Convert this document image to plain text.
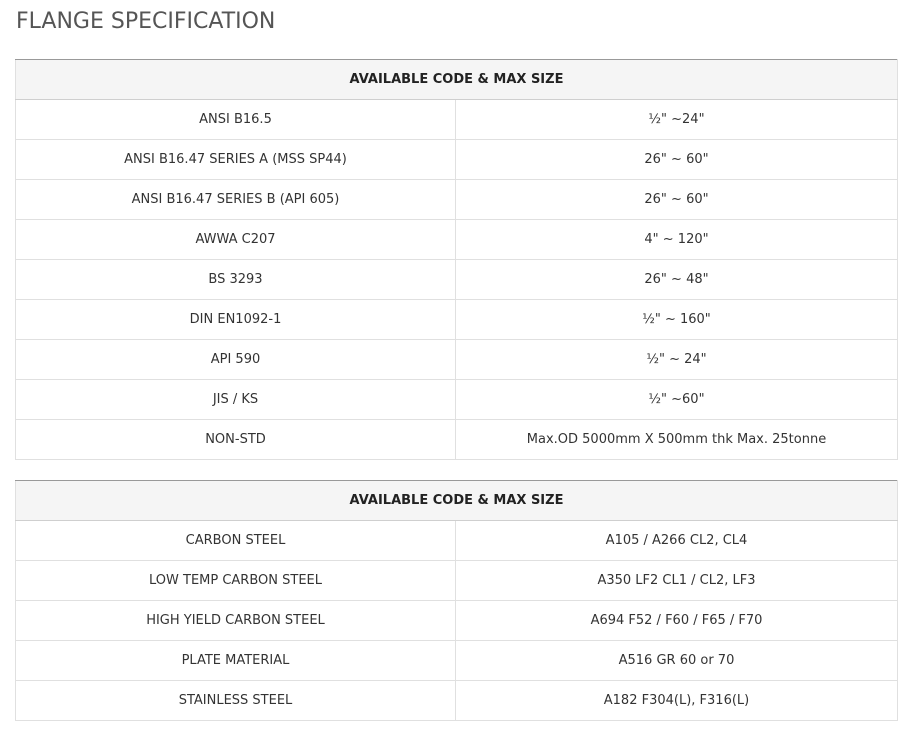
FLANGE SPECIFICATION
AVAILABLE CODE & MAX SIZE	
ANSI B16.5	½" ~24"
ANSI B16.47 SERIES A (MSS SP44)	26" ~ 60"
ANSI B16.47 SERIES B (API 605)	26" ~ 60"
AWWA C207	4" ~ 120"
BS 3293	26" ~ 48"
DIN EN1092-1	½" ~ 160"
API 590	½" ~ 24"
JIS / KS	½" ~60"
NON-STD	Max.OD 5000mm X 500mm thk Max. 25tonne
AVAILABLE CODE & MAX SIZE	
CARBON STEEL	A105 / A266 CL2, CL4
LOW TEMP CARBON STEEL	A350 LF2 CL1 / CL2, LF3
HIGH YIELD CARBON STEEL	A694 F52 / F60 / F65 / F70
PLATE MATERIAL	A516 GR 60 or 70
STAINLESS STEEL	A182 F304(L), F316(L)
